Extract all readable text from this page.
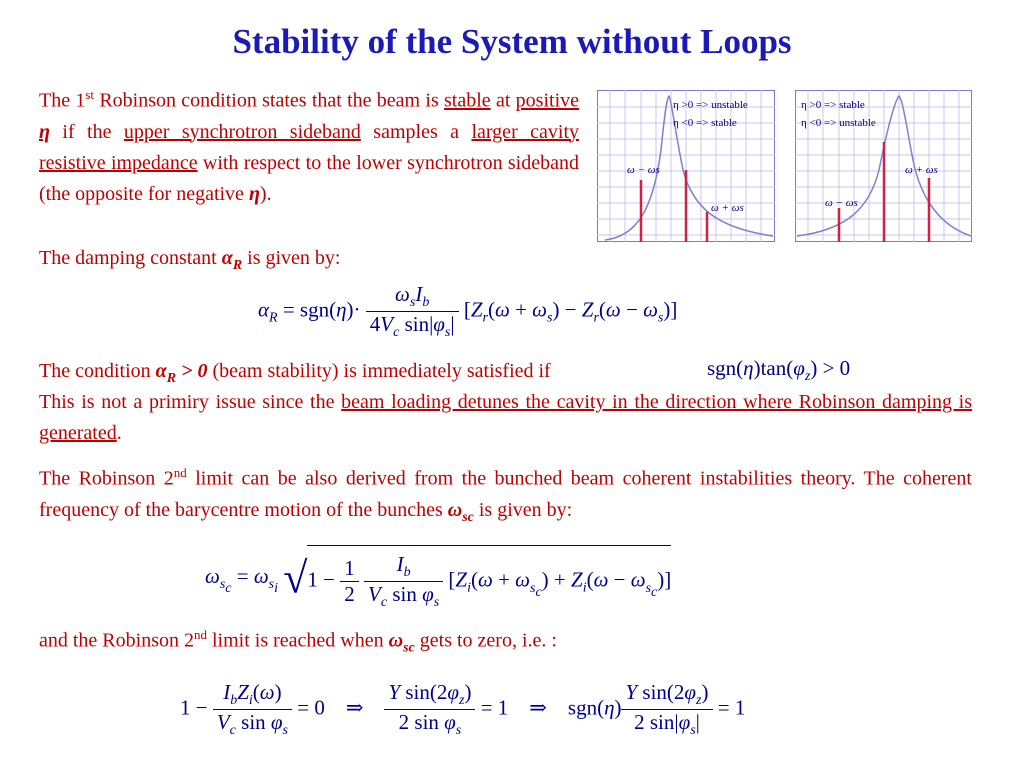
Stability of the System without Loops
The 1st Robinson condition states that the beam is stable at positive η if the upper synchrotron sideband samples a larger cavity resistive impedance with respect to the lower synchrotron sideband (the opposite for negative η).
η >0 => unstable
η <0 => stable
ω − ωs
ω + ωs
η >0 => stable
η <0 => unstable
ω − ωs
ω + ωs
The damping constant $\alpha_R$ is given by:
$\alpha_R = sgn(\eta)\cdot \frac{\omega_sI_b}{4V_c \sin|\varphi_s|} [Z_r(\omega + \omega_s) - Z_r(\omega - \omega_s)]$
The condition $\alpha_R > 0$ (beam stability) is immediately satisfied if	$sgn(\eta)\tan(\varphi_z) > 0$
This is not a primiry issue since the beam loading detunes the cavity in the direction where Robinson damping is generated.
The Robinson 2nd limit can be also derived from the bunched beam coherent instabilities theory. The coherent frequency of the barycentre motion of the bunches $\omega_{sc}$ is given by:
$\omega_{s_c} = \omega_{s_i}$ $√1 - \frac{1}{2}$
$\frac{I_b}{V_c \sin \varphi_s} [Z_i(\omega + \omega_{s_c}) + Z_i(\omega - \omega_{s_c})]$
and the Robinson 2nd limit is reached when $\omega_{sc}$ gets to zero, i.e. :
$1 - \frac{I_bZ_i(\omega)}{V_c \sin \varphi_s} = 0$    ⇒ $\frac{Y \sin(2\varphi_z)}{2 \sin \varphi_s} = 1$    ⇒    $sgn(\eta) \frac{Y \sin(2\varphi_z)}{2 \sin|\varphi_s|} = 1$
